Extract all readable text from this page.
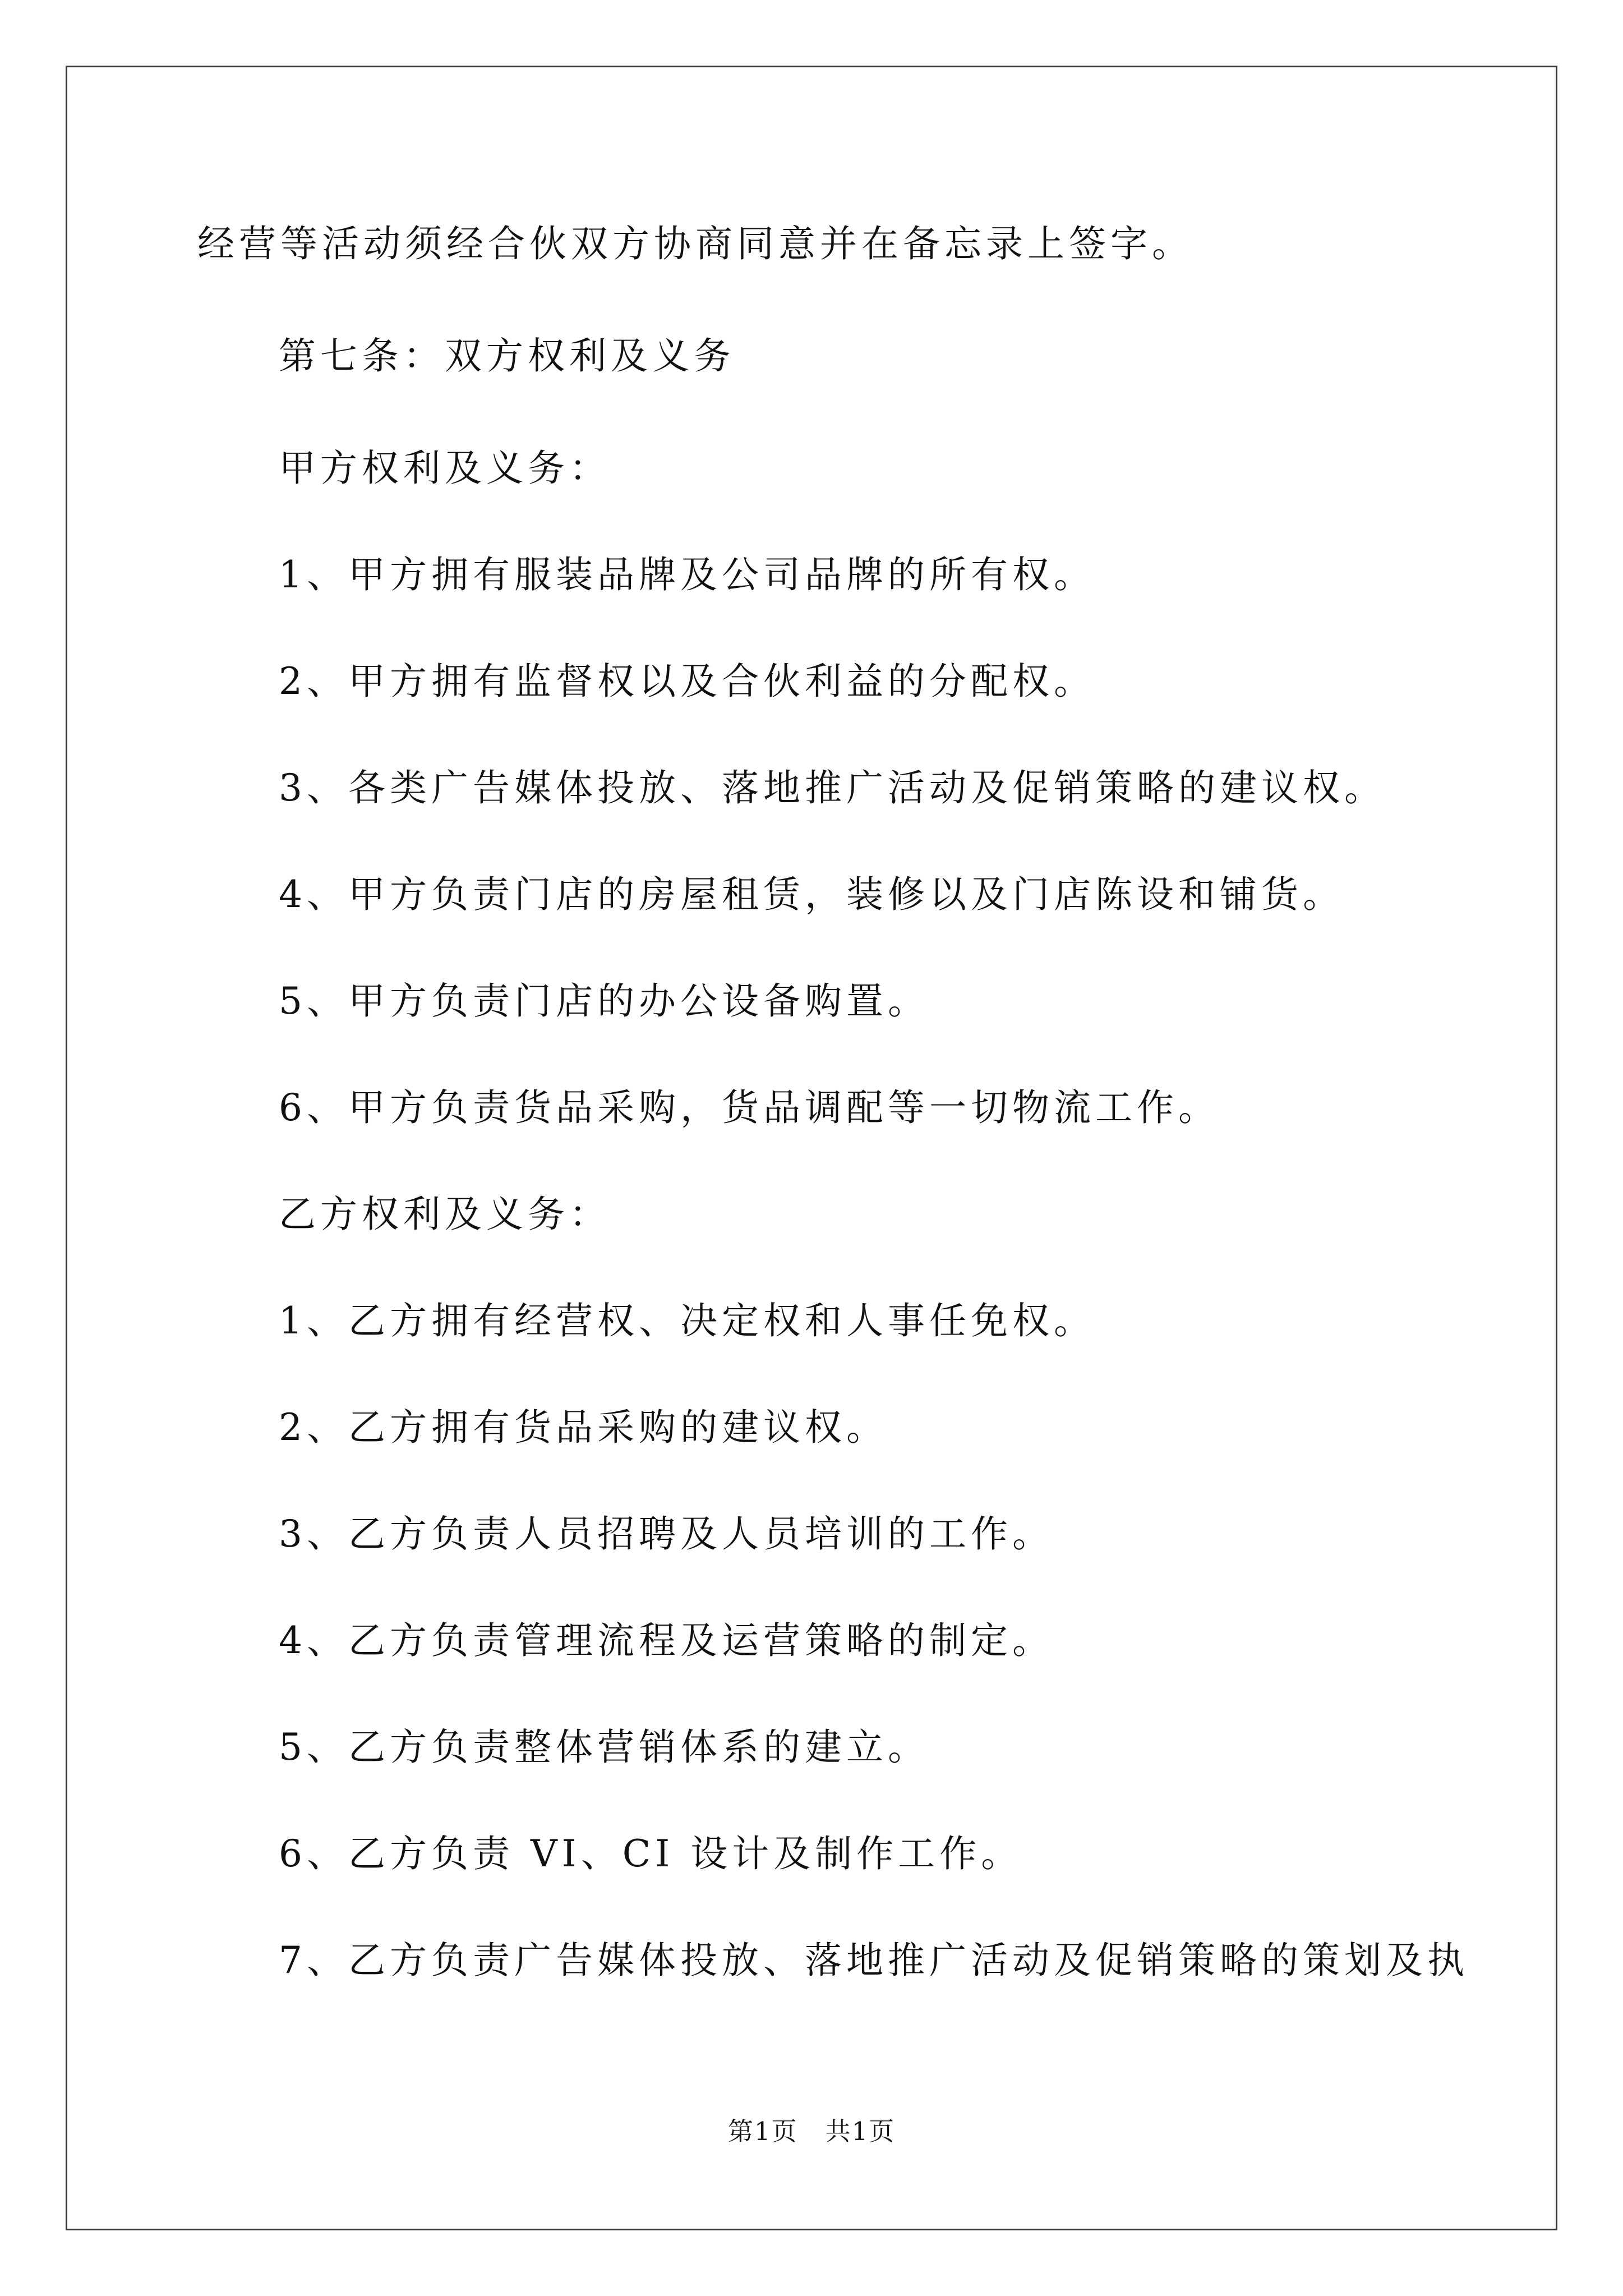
经营等活动须经合伙双方协商同意并在备忘录上签字。
第七条：双方权利及义务
甲方权利及义务：
1、甲方拥有服装品牌及公司品牌的所有权。
2、甲方拥有监督权以及合伙利益的分配权。
3、各类广告媒体投放、落地推广活动及促销策略的建议权。
4、甲方负责门店的房屋租赁，装修以及门店陈设和铺货。
5、甲方负责门店的办公设备购置。
6、甲方负责货品采购，货品调配等一切物流工作。
乙方权利及义务：
1、乙方拥有经营权、决定权和人事任免权。
2、乙方拥有货品采购的建议权。
3、乙方负责人员招聘及人员培训的工作。
4、乙方负责管理流程及运营策略的制定。
5、乙方负责整体营销体系的建立。
6、乙方负责 VI、CI 设计及制作工作。
7、乙方负责广告媒体投放、落地推广活动及促销策略的策划及执
第1页   共1页
